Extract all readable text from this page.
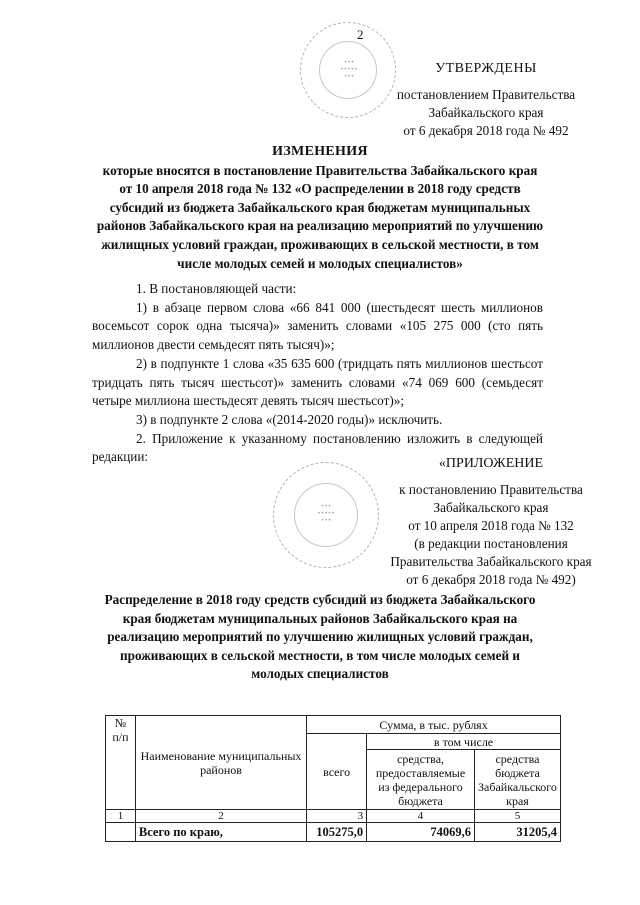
•••
•••••
•••
•••
•••••
•••
2
УТВЕРЖДЕНЫ
постановлением Правительства
Забайкальского края
от 6 декабря 2018 года № 492
ИЗМЕНЕНИЯ
которые вносятся в постановление Правительства Забайкальского края от 10 апреля 2018 года № 132 «О распределении в 2018 году средств субсидий из бюджета Забайкальского края бюджетам муниципальных районов Забайкальского края на реализацию мероприятий по улучшению жилищных условий граждан, проживающих в сельской местности, в том числе молодых семей и молодых специалистов»

1. В постановляющей части:

1) в абзаце первом слова «66 841 000 (шестьдесят шесть миллионов восемьсот сорок одна тысяча)» заменить словами «105 275 000 (сто пять миллионов двести семьдесят пять тысяч)»;

2) в подпункте 1 слова «35 635 600 (тридцать пять миллионов шестьсот тридцать пять тысяч шестьсот)» заменить словами «74 069 600 (семьдесят четыре миллиона шестьдесят девять тысяч шестьсот)»;

3) в подпункте 2 слова «(2014-2020 годы)» исключить.

2. Приложение к указанному постановлению изложить в следующей редакции:	«ПРИЛОЖЕНИЕ
к постановлению Правительства
Забайкальского края
от 10 апреля 2018 года № 132
(в редакции постановления
Правительства Забайкальского края
от 6 декабря 2018 года № 492)
Распределение в 2018 году средств субсидий из бюджета Забайкальского края бюджетам муниципальных районов Забайкальского края на реализацию мероприятий по улучшению жилищных условий граждан, проживающих в сельской местности, в том числе молодых семей и молодых специалистов
№ п/п	Наименование муниципальных районов	Сумма, в тыс. рублях		
		всего	в том числе	
			средства, предоставляемые из федерального бюджета	средства бюджета Забайкальского края
1	2	3	4	5
	Всего по краю,	105275,0	74069,6	31205,4
